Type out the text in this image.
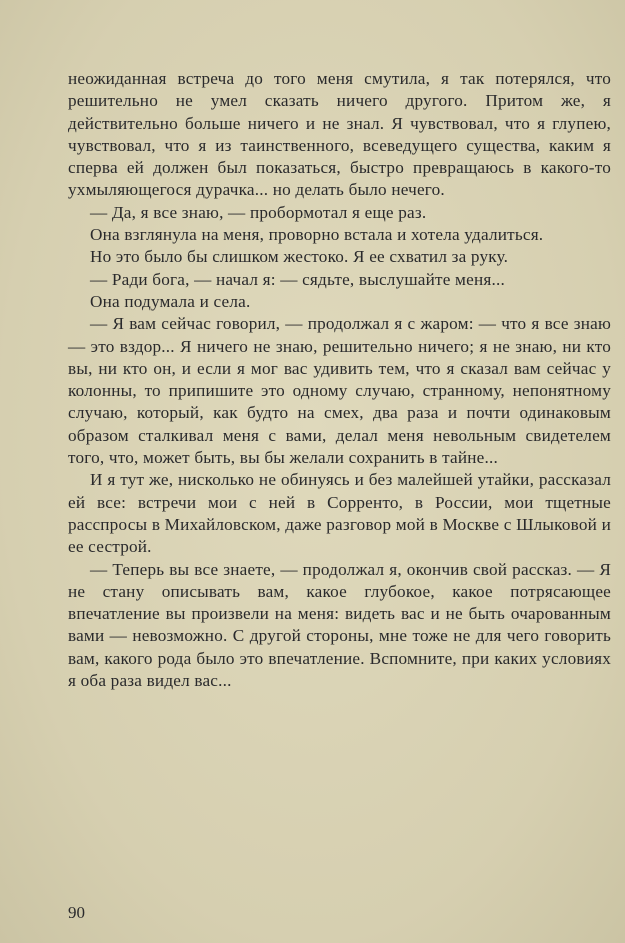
неожиданная встреча до того меня смутила, я так потерялся, что решительно не умел сказать ничего другого. Притом же, я действительно больше ничего и не знал. Я чувствовал, что я глупею, чувствовал, что я из таинственного, всеведущего существа, каким я сперва ей должен был показаться, быстро превращаюсь в какого-то ухмыляющегося дурачка... но делать было нечего.

— Да, я все знаю, — пробормотал я еще раз.

Она взглянула на меня, проворно встала и хотела удалиться.

Но это было бы слишком жестоко. Я ее схватил за руку.

— Ради бога, — начал я: — сядьте, выслушайте меня...

Она подумала и села.

— Я вам сейчас говорил, — продолжал я с жаром: — что я все знаю — это вздор... Я ничего не знаю, решительно ничего; я не знаю, ни кто вы, ни кто он, и если я мог вас удивить тем, что я сказал вам сейчас у колонны, то припишите это одному случаю, странному, непонятному случаю, который, как будто на смех, два раза и почти одинаковым образом сталкивал меня с вами, делал меня невольным свидетелем того, что, может быть, вы бы желали сохранить в тайне...

И я тут же, нисколько не обинуясь и без малейшей утайки, рассказал ей все: встречи мои с ней в Сорренто, в России, мои тщетные расспросы в Михайловском, даже разговор мой в Москве с Шлыковой и ее сестрой.

— Теперь вы все знаете, — продолжал я, окончив свой рассказ. — Я не стану описывать вам, какое глубокое, какое потрясающее впечатление вы произвели на меня: видеть вас и не быть очарованным вами — невозможно. С другой стороны, мне тоже не для чего говорить вам, какого рода было это впечатление. Вспомните, при каких условиях я оба раза видел вас...

90
